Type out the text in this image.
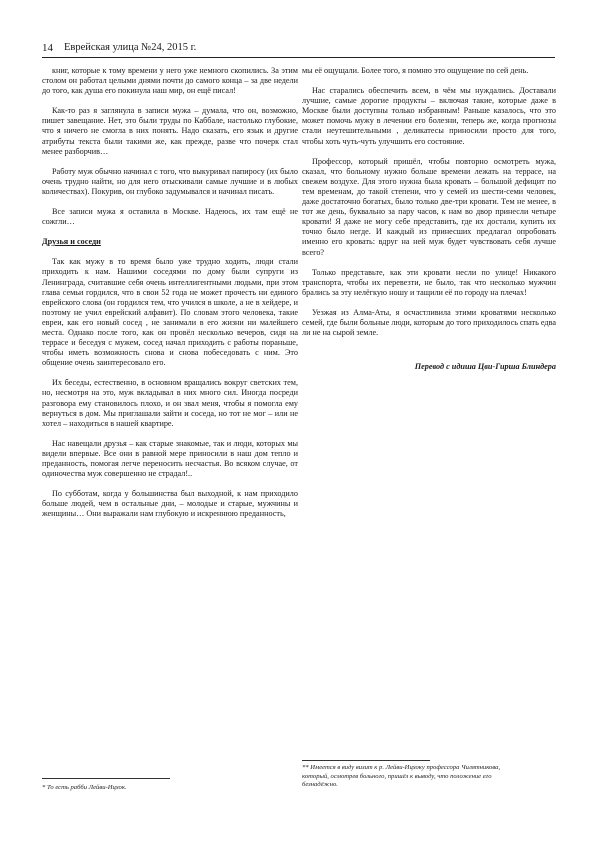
14 Еврейская улица №24, 2015 г.

книг, которые к тому времени у него уже немного скопились. За этим столом он работал целыми днями почти до самого конца – за две недели до того, как душа его покинула наш мир, он ещё писал!

Как-то раз я заглянула в записи мужа – думала, что он, возможно, пишет завещание. Нет, это были труды по Каббале, настолько глубокие, что я ничего не смогла в них понять. Надо сказать, его язык и другие атрибуты текста были такими же, как прежде, разве что почерк стал менее разборчив…

Работу муж обычно начинал с того, что выкуривал папиросу (их было очень трудно найти, но для него отыскивали самые лучшие и в любых количествах). Покурив, он глубоко задумывался и начинал писать.

Все записи мужа я оставила в Москве. Надеюсь, их там ещё не сожгли…

Друзья и соседи

Так как мужу в то время было уже трудно ходить, люди стали приходить к нам. Нашими соседями по дому были супруги из Ленинграда, считавшие себя очень интеллигентными людьми, при этом глава семьи гордился, что в свои 52 года не может прочесть ни единого еврейского слова (он гордился тем, что учился в школе, а не в хейдере, и поэтому не учил еврейский алфавит). По словам этого человека, такие евреи, как его новый сосед , не занимали в его жизни ни малейшего места. Однако после того, как он провёл несколько вечеров, сидя на террасе и беседуя с мужем, сосед начал приходить с работы пораньше, чтобы иметь возможность снова и снова побеседовать с ним. Это общение очень заинтересовало его.

Их беседы, естественно, в основном вращались вокруг светских тем, но, несмотря на это, муж вкладывал в них много сил. Иногда посреди разговора ему становилось плохо, и он звал меня, чтобы я помогла ему вернуться в дом. Мы приглашали зайти и соседа, но тот не мог – или не хотел – находиться в нашей квартире.

Нас навещали друзья – как старые знакомые, так и люди, которых мы видели впервые. Все они в равной мере приносили в наш дом тепло и преданность, помогая легче переносить несчастья. Во всяком случае, от одиночества муж совершенно не страдал!..

По субботам, когда у большинства был выходной, к нам приходило больше людей, чем в остальные дни, – молодые и старые, мужчины и женщины… Они выражали нам глубокую и искреннюю преданность,

мы её ощущали. Более того, я помню это ощущение по сей день.

Нас старались обеспечить всем, в чём мы нуждались. Доставали лучшие, самые дорогие продукты – включая такие, которые даже в Москве были доступны только избранным! Раньше казалось, что это может помочь мужу в лечении его болезни, теперь же, когда прогнозы стали неутешительными , деликатесы приносили просто для того, чтобы хоть чуть-чуть улучшить его состояние.

Профессор, который пришёл, чтобы повторно осмотреть мужа, сказал, что больному нужно больше времени лежать на террасе, на свежем воздухе. Для этого нужна была кровать – большой дефицит по тем временам, до такой степени, что у семей из шести-семи человек, даже достаточно богатых, было только две-три кровати. Тем не менее, в тот же день, буквально за пару часов, к нам во двор принесли четыре кровати! Я даже не могу себе представить, где их достали, купить их точно было негде. И каждый из принесших предлагал опробовать именно его кровать: вдруг на ней муж будет чувствовать себя лучше всего?

Только представьте, как эти кровати несли по улице! Никакого транспорта, чтобы их перевезти, не было, так что несколько мужчин брались за эту нелёгкую ношу и тащили её по городу на плечах!

Уезжая из Алма-Аты, я осчастливила этими кроватями несколько семей, где были больные люди, которым до того приходилось спать едва ли не на сырой земле.

Перевод с идиша Цви-Гирша Блиндера

* То есть рабби Лейви-Ицхок.
** Имеется в виду визит к р. Лейви-Ицхоку профессора Чилятникова, который, осмотрев больного, пришёл к выводу, что положение его безнадёжно.
